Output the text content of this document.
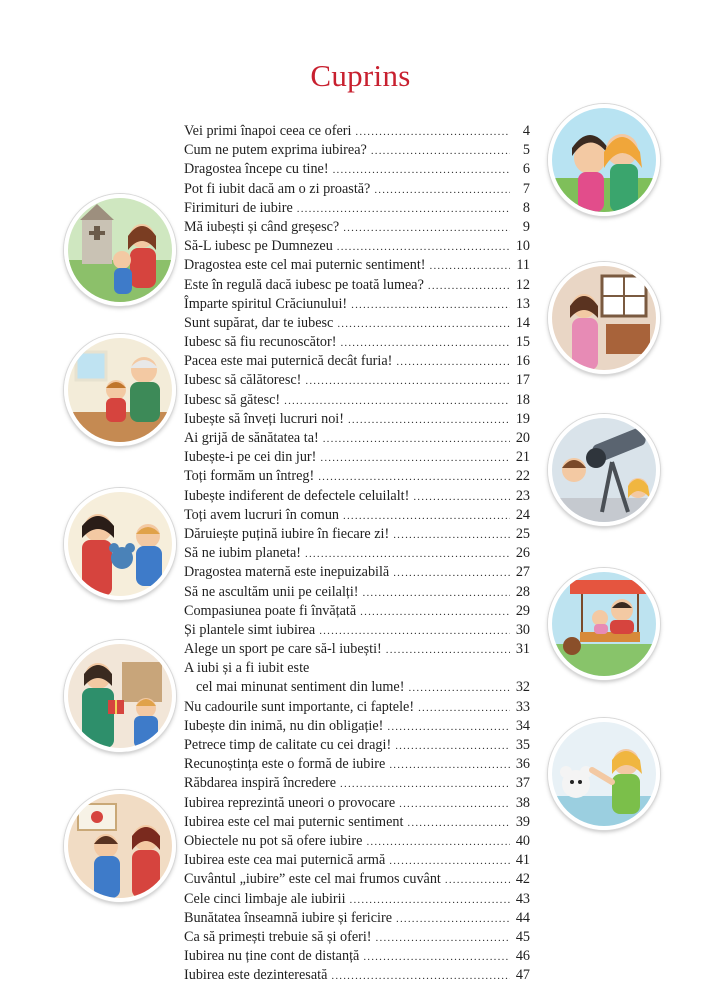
Cuprins
Vei primi înapoi ceea ce oferi .....	4
Cum ne putem exprima iubirea? .....	5
Dragostea începe cu tine! .....	6
Pot fi iubit dacă am o zi proastă? .....	7
Firimituri de iubire .....	8
Mă iubești și când greșesc? .....	9
Să-L iubesc pe Dumnezeu .....	10
Dragostea este cel mai puternic sentiment! .....	11
Este în regulă dacă iubesc pe toată lumea? .....	12
Împarte spiritul Crăciunului! .....	13
Sunt supărat, dar te iubesc .....	14
Iubesc să fiu recunoscător! .....	15
Pacea este mai puternică decât furia! .....	16
Iubesc să călătoresc! .....	17
Iubesc să gătesc! .....	18
Iubește să înveți lucruri noi! .....	19
Ai grijă de sănătatea ta! .....	20
Iubește-i pe cei din jur! .....	21
Toți formăm un întreg! .....	22
Iubește indiferent de defectele celuilalt! .....	23
Toți avem lucruri în comun .....	24
Dăruiește puțină iubire în fiecare zi! .....	25
Să ne iubim planeta! .....	26
Dragostea maternă este inepuizabilă .....	27
Să ne ascultăm unii pe ceilalți! .....	28
Compasiunea poate fi învățată .....	29
Și plantele simt iubirea .....	30
Alege un sport pe care să-l iubești! .....	31
A iubi și a fi iubit este
cel mai minunat sentiment din lume! .....	32
Nu cadourile sunt importante, ci faptele! .....	33
Iubește din inimă, nu din obligație! .....	34
Petrece timp de calitate cu cei dragi! .....	35
Recunoștința este o formă de iubire .....	36
Răbdarea inspiră încredere .....	37
Iubirea reprezintă uneori o provocare .....	38
Iubirea este cel mai puternic sentiment .....	39
Obiectele nu pot să ofere iubire .....	40
Iubirea este cea mai puternică armă .....	41
Cuvântul „iubire” este cel mai frumos cuvânt .....	42
Cele cinci limbaje ale iubirii .....	43
Bunătatea înseamnă iubire și fericire .....	44
Ca să primești trebuie să și oferi! .....	45
Iubirea nu ține cont de distanță .....	46
Iubirea este dezinteresată .....	47
